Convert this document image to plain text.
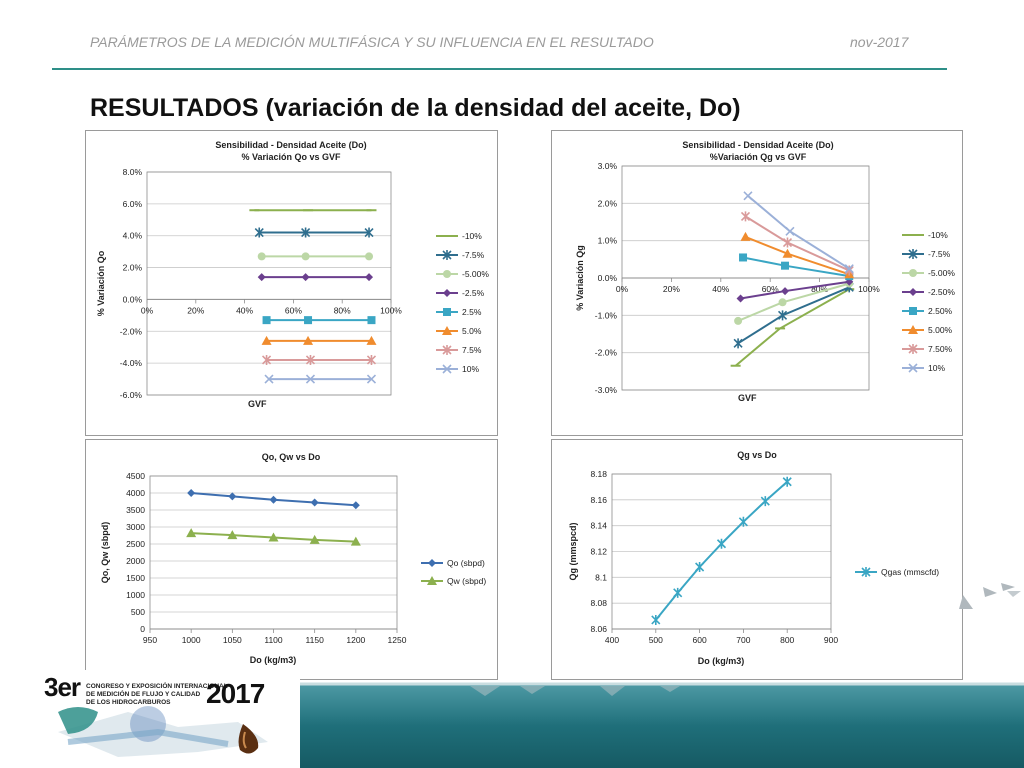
PARÁMETROS DE LA MEDICIÓN MULTIFÁSICA Y SU INFLUENCIA EN EL RESULTADO	nov-2017
RESULTADOS (variación de la densidad del aceite, Do)
Sensibilidad - Densidad Aceite (Do)
% Variación Qo vs GVF
-6.0%
-4.0%
-2.0%
0.0%
2.0%
4.0%
6.0%
8.0%
0%	20%	40%	60%	80%	100%
GVF
% Variación Qo
-10%
-7.5%
-5.00%
-2.5%
2.5%
5.0%
7.5%
10%
Sensibilidad - Densidad Aceite (Do)
%Variación Qg vs GVF
-3.0%
-2.0%
-1.0%
0.0%
1.0%
2.0%
3.0%
0%	20%	40%	60%	80%	100%
GVF
% Variación Qg
-10%
-7.5%
-5.00%
-2.50%
2.50%
5.00%
7.50%
10%
Qo, Qw vs Do
0
500
1000
1500
2000
2500
3000
3500
4000
4500
950	1000	1050	1100	1150	1200	1250
Do (kg/m3)
Qo, Qw (sbpd)	Qo (sbpd)
Qw (sbpd)
Qg vs Do
8.06
8.08
8.1
8.12
8.14
8.16
8.18
400	500	600	700	800	900
Do (kg/m3)
Qg (mmspcd)	Qgas (mmscfd)
3er CONGRESO Y EXPOSICIÓN INTERNACIONAL
DE MEDICIÓN DE FLUJO Y CALIDAD
DE LOS HIDROCARBUROS 2017
